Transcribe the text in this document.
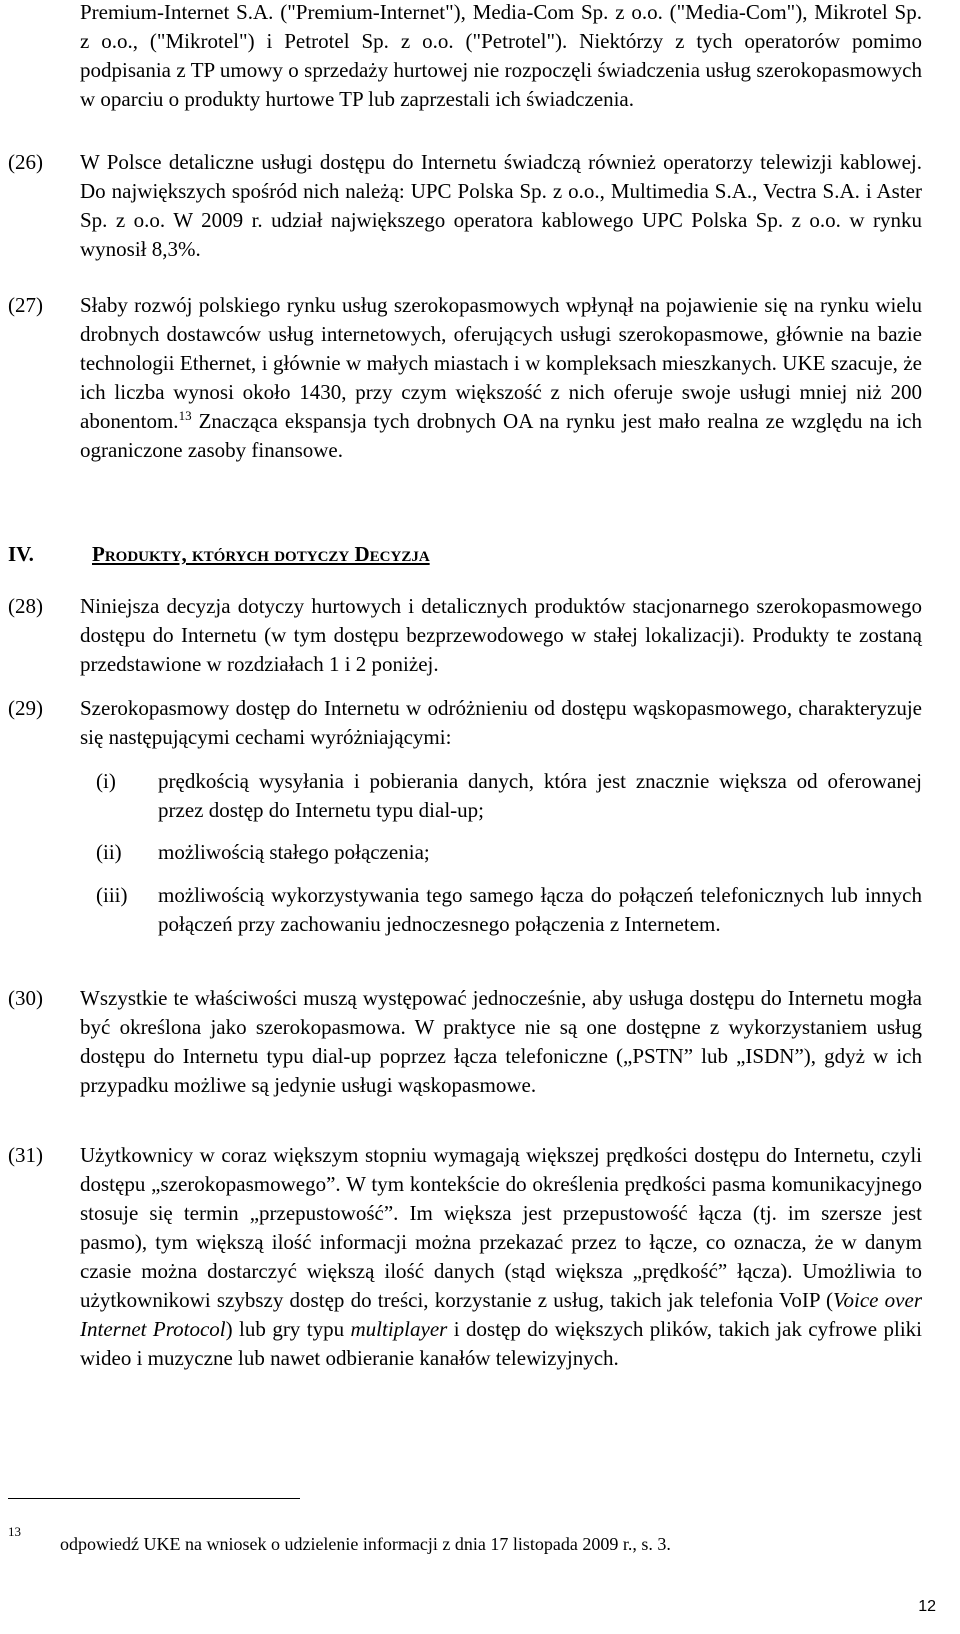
Premium-Internet S.A. ("Premium-Internet"), Media-Com Sp. z o.o. ("Media-Com"), Mikrotel Sp. z o.o., ("Mikrotel") i Petrotel Sp. z o.o. ("Petrotel"). Niektórzy z tych operatorów pomimo podpisania z TP umowy o sprzedaży hurtowej nie rozpoczęli świadczenia usług szerokopasmowych w oparciu o produkty hurtowe TP lub zaprzestali ich świadczenia.

(26) W Polsce detaliczne usługi dostępu do Internetu świadczą również operatorzy telewizji kablowej. Do największych spośród nich należą: UPC Polska Sp. z o.o., Multimedia S.A., Vectra S.A. i Aster Sp. z o.o. W 2009 r. udział największego operatora kablowego UPC Polska Sp. z o.o. w rynku wynosił 8,3%.

(27) Słaby rozwój polskiego rynku usług szerokopasmowych wpłynął na pojawienie się na rynku wielu drobnych dostawców usług internetowych, oferujących usługi szerokopasmowe, głównie na bazie technologii Ethernet, i głównie w małych miastach i w kompleksach mieszkanych. UKE szacuje, że ich liczba wynosi około 1430, przy czym większość z nich oferuje swoje usługi mniej niż 200 abonentom.$^{13}$ Znacząca ekspansja tych drobnych OA na rynku jest mało realna ze względu na ich ograniczone zasoby finansowe.

IV.	Produkty, których dotyczy Decyzja
(28) Niniejsza decyzja dotyczy hurtowych i detalicznych produktów stacjonarnego szerokopasmowego dostępu do Internetu (w tym dostępu bezprzewodowego w stałej lokalizacji). Produkty te zostaną przedstawione w rozdziałach 1 i 2 poniżej.

(29) Szerokopasmowy dostęp do Internetu w odróżnieniu od dostępu wąskopasmowego, charakteryzuje się następującymi cechami wyróżniającymi:

(i) prędkością wysyłania i pobierania danych, która jest znacznie większa od oferowanej przez dostęp do Internetu typu dial-up;

(ii) możliwością stałego połączenia;

(iii) możliwością wykorzystywania tego samego łącza do połączeń telefonicznych lub innych połączeń przy zachowaniu jednoczesnego połączenia z Internetem.

(30) Wszystkie te właściwości muszą występować jednocześnie, aby usługa dostępu do Internetu mogła być określona jako szerokopasmowa. W praktyce nie są one dostępne z wykorzystaniem usług dostępu do Internetu typu dial-up poprzez łącza telefoniczne („PSTN” lub „ISDN”), gdyż w ich przypadku możliwe są jedynie usługi wąskopasmowe.

(31) Użytkownicy w coraz większym stopniu wymagają większej prędkości dostępu do Internetu, czyli dostępu „szerokopasmowego”. W tym kontekście do określenia prędkości pasma komunikacyjnego stosuje się termin „przepustowość”. Im większa jest przepustowość łącza (tj. im szersze jest pasmo), tym większą ilość informacji można przekazać przez to łącze, co oznacza, że w danym czasie można dostarczyć większą ilość danych (stąd większa „prędkość” łącza). Umożliwia to użytkownikowi szybszy dostęp do treści, korzystanie z usług, takich jak telefonia VoIP (Voice over Internet Protocol) lub gry typu multiplayer i dostęp do większych plików, takich jak cyfrowe pliki wideo i muzyczne lub nawet odbieranie kanałów telewizyjnych.

13
odpowiedź UKE na wniosek o udzielenie informacji z dnia 17 listopada 2009 r., s. 3.
12
